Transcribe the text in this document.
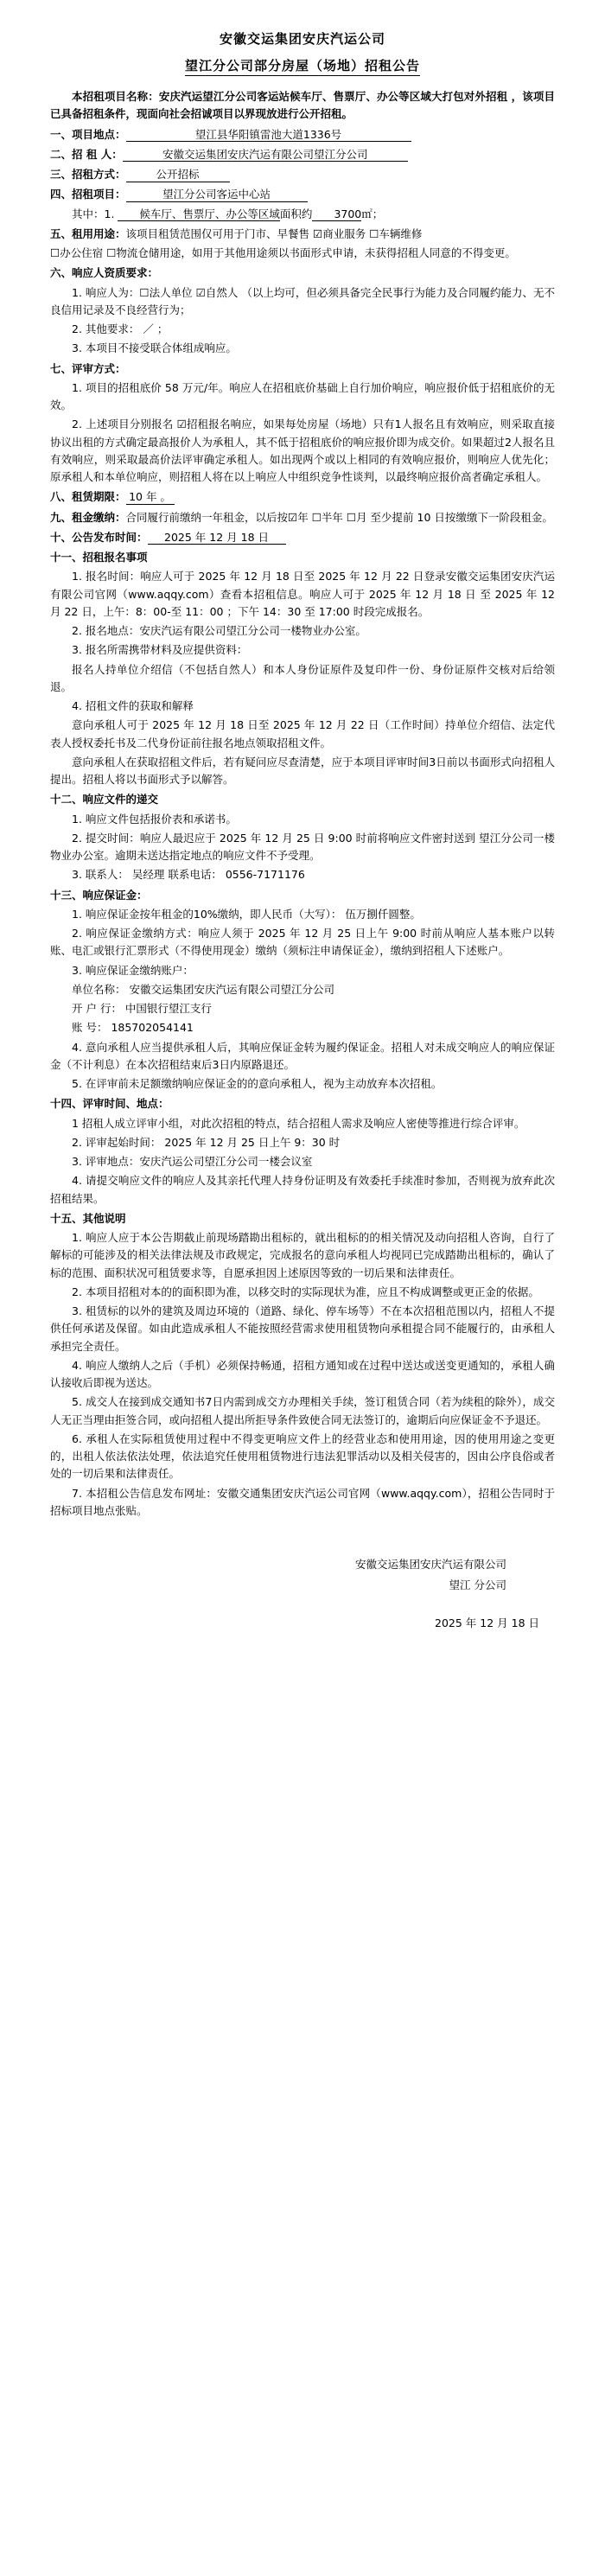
安徽交运集团安庆汽运公司
望江分公司部分房屋（场地）招租公告

本招租项目名称：安庆汽运望江分公司客运站候车厅、售票厅、办公等区域大打包对外招租 ，该项目已具备招租条件，现面向社会招诚项目以界现放进行公开招租。

一、项目地点：	望江县华阳镇雷池大道1336号

二、招 租 人：	安徽交运集团安庆汽运有限公司望江分公司

三、招租方式：	公开招标

四、招租项目：	望江分公司客运中心站

其中：1. 候车厅、售票厅、办公等区域面积约 3700㎡；

五、租用用途：该项目租赁范围仅可用于门市、早餐售 ☑商业服务 ☐车辆维修

☐办公住宿 ☐物流仓储用途，如用于其他用途须以书面形式申请，未获得招租人同意的不得变更。

六、响应人资质要求：

1. 响应人为：☐法人单位 ☑自然人 （以上均可，但必须具备完全民事行为能力及合同履约能力、无不良信用记录及不良经营行为；

2. 其他要求： ／ ；

3. 本项目不接受联合体组成响应。

七、评审方式：

1. 项目的招租底价 58 万元/年。响应人在招租底价基础上自行加价响应，响应报价低于招租底价的无效。

2. 上述项目分别报名 ☑招租报名响应，如果每处房屋（场地）只有1人报名且有效响应，则采取直接协议出租的方式确定最高报价人为承租人，其不低于招租底价的响应报价即为成交价。如果超过2人报名且有效响应，则采取最高价法评审确定承租人。如出现两个或以上相同的有效响应报价，则响应人优先化；原承租人和本单位响应，则招租人将在以上响应人中组织竞争性谈判，以最终响应报价高者确定承租人。

八、租赁期限： 10 年 。

九、租金缴纳：合同履行前缴纳一年租金，以后按☑年 ☐半年 ☐月 至少提前 10 日按缴缴下一阶段租金。

十、公告发布时间： 2025 年 12 月 18 日

十一、招租报名事项

1. 报名时间：响应人可于 2025 年 12 月 18 日至 2025 年 12 月 22 日登录安徽交运集团安庆汽运有限公司官网（www.aqqy.com）查看本招租信息。响应人可于 2025 年 12 月 18 日 至 2025 年 12 月 22 日，上午：8：00-至 11：00 ；下午 14：30 至 17:00 时段完成报名。

2. 报名地点：安庆汽运有限公司望江分公司一楼物业办公室。

3. 报名所需携带材料及应提供资料：

报名人持单位介绍信（不包括自然人）和本人身份证原件及复印件一份、身份证原件交核对后给领退。

4. 招租文件的获取和解释

意向承租人可于 2025 年 12 月 18 日至 2025 年 12 月 22 日（工作时间）持单位介绍信、法定代表人授权委托书及二代身份证前往报名地点领取招租文件。

意向承租人在获取招租文件后，若有疑问应尽查清楚，应于本项目评审时间3日前以书面形式向招租人提出。招租人将以书面形式予以解答。

十二、响应文件的递交

1. 响应文件包括报价表和承诺书。

2. 提交时间：响应人最迟应于 2025 年 12 月 25 日 9:00 时前将响应文件密封送到 望江分公司一楼物业办公室。逾期未送达指定地点的响应文件不予受理。

3. 联系人： 吴经理 联系电话： 0556-7171176

十三、响应保证金：

1. 响应保证金按年租金的10%缴纳，即人民币（大写）： 伍万捌仟圆整。

2. 响应保证金缴纳方式：响应人须于 2025 年 12 月 25 日上午 9:00 时前从响应人基本账户以转账、电汇或银行汇票形式（不得使用现金）缴纳（须标注申请保证金），缴纳到招租人下述账户。

3. 响应保证金缴纳账户：

单位名称： 安徽交运集团安庆汽运有限公司望江分公司

开 户 行： 中国银行望江支行

账 号： 185702054141

4. 意向承租人应当提供承租人后，其响应保证金转为履约保证金。招租人对未成交响应人的响应保证金（不计利息）在本次招租结束后3日内原路退还。

5. 在评审前未足额缴纳响应保证金的的意向承租人，视为主动放弃本次招租。

十四、评审时间、地点：

1 招租人成立评审小组，对此次招租的特点，结合招租人需求及响应人密使等推进行综合评审。

2. 评审起始时间： 2025 年 12 月 25 日上午 9：30 时

3. 评审地点：安庆汽运公司望江分公司一楼会议室

4. 请提交响应文件的响应人及其亲托代理人持身份证明及有效委托手续准时参加，否则视为放弃此次招租结果。

十五、其他说明

1. 响应人应于本公告期截止前现场踏勘出租标的，就出租标的的相关情况及动向招租人咨询，自行了解标的可能涉及的相关法律法规及市政规定，完成报名的意向承租人均视同已完成踏勘出租标的，确认了标的范围、面积状况可租赁要求等，自愿承担因上述原因等致的一切后果和法律责任。

2. 本项目招租对本的的面积即为准，以移交时的实际现状为准，应且不构成调整或更正金的依据。

3. 租赁标的以外的建筑及周边环境的（道路、绿化、停车场等）不在本次招租范围以内，招租人不提供任何承诺及保留。如由此造成承租人不能按照经营需求使用租赁物向承租提合同不能履行的，由承租人承担完全责任。

4. 响应人缴纳人之后（手机）必须保持畅通，招租方通知或在过程中送达或送变更通知的，承租人确认接收后即视为送达。

5. 成交人在接到成交通知书7日内需到成交方办理相关手续，签订租赁合同（若为续租的除外），成交人无正当理由拒签合同，或向招租人提出所拒导条件致使合同无法签订的，逾期后向应保证金不予退还。

6. 承租人在实际租赁使用过程中不得变更响应文件上的经营业态和使用用途，因的使用用途之变更的，出租人依法依法处理，依法追究任使用租赁物进行违法犯罪活动以及相关侵害的，因由公序良俗或者处的一切后果和法律责任。

7. 本招租公告信息发布网址：安徽交通集团安庆汽运公司官网（www.aqqy.com），招租公告同时于招标项目地点张贴。

安徽交运集团安庆汽运有限公司
望江 分公司
2025 年 12 月 18 日
